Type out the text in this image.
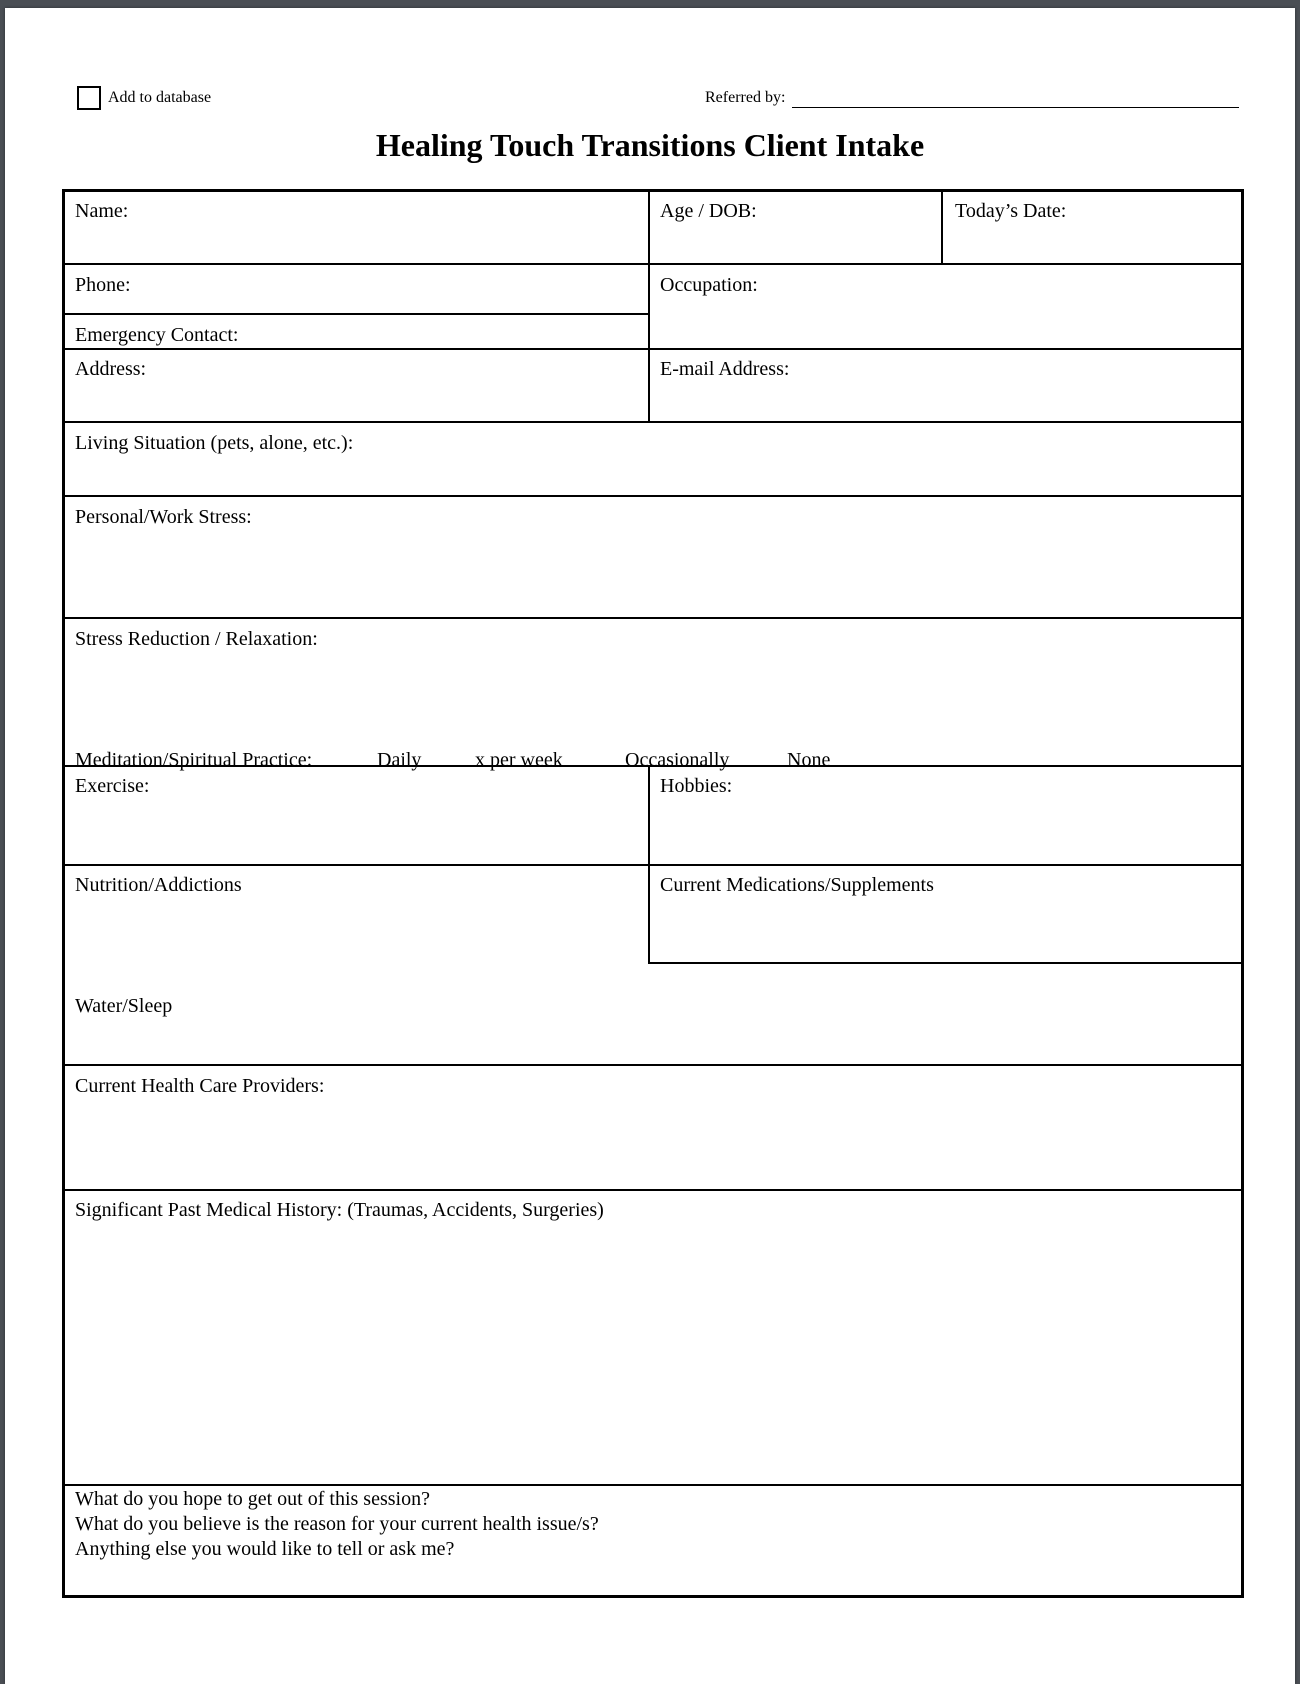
Add to database	Referred by:
Healing Touch Transitions Client Intake
Name:	Age / DOB:	Today’s Date:
Phone:
Emergency Contact:
Occupation:
Address:	E-mail Address:
Living Situation (pets, alone, etc.):
Personal/Work Stress:
Stress Reduction / Relaxation:
Meditation/Spiritual Practice:	Daily	x per week	Occasionally	None
Exercise:	Hobbies:
Nutrition/Addictions	Current Medications/Supplements
Water/Sleep
Current Health Care Providers:
Significant Past Medical History: (Traumas, Accidents, Surgeries)
What do you hope to get out of this session?
What do you believe is the reason for your current health issue/s?
Anything else you would like to tell or ask me?
